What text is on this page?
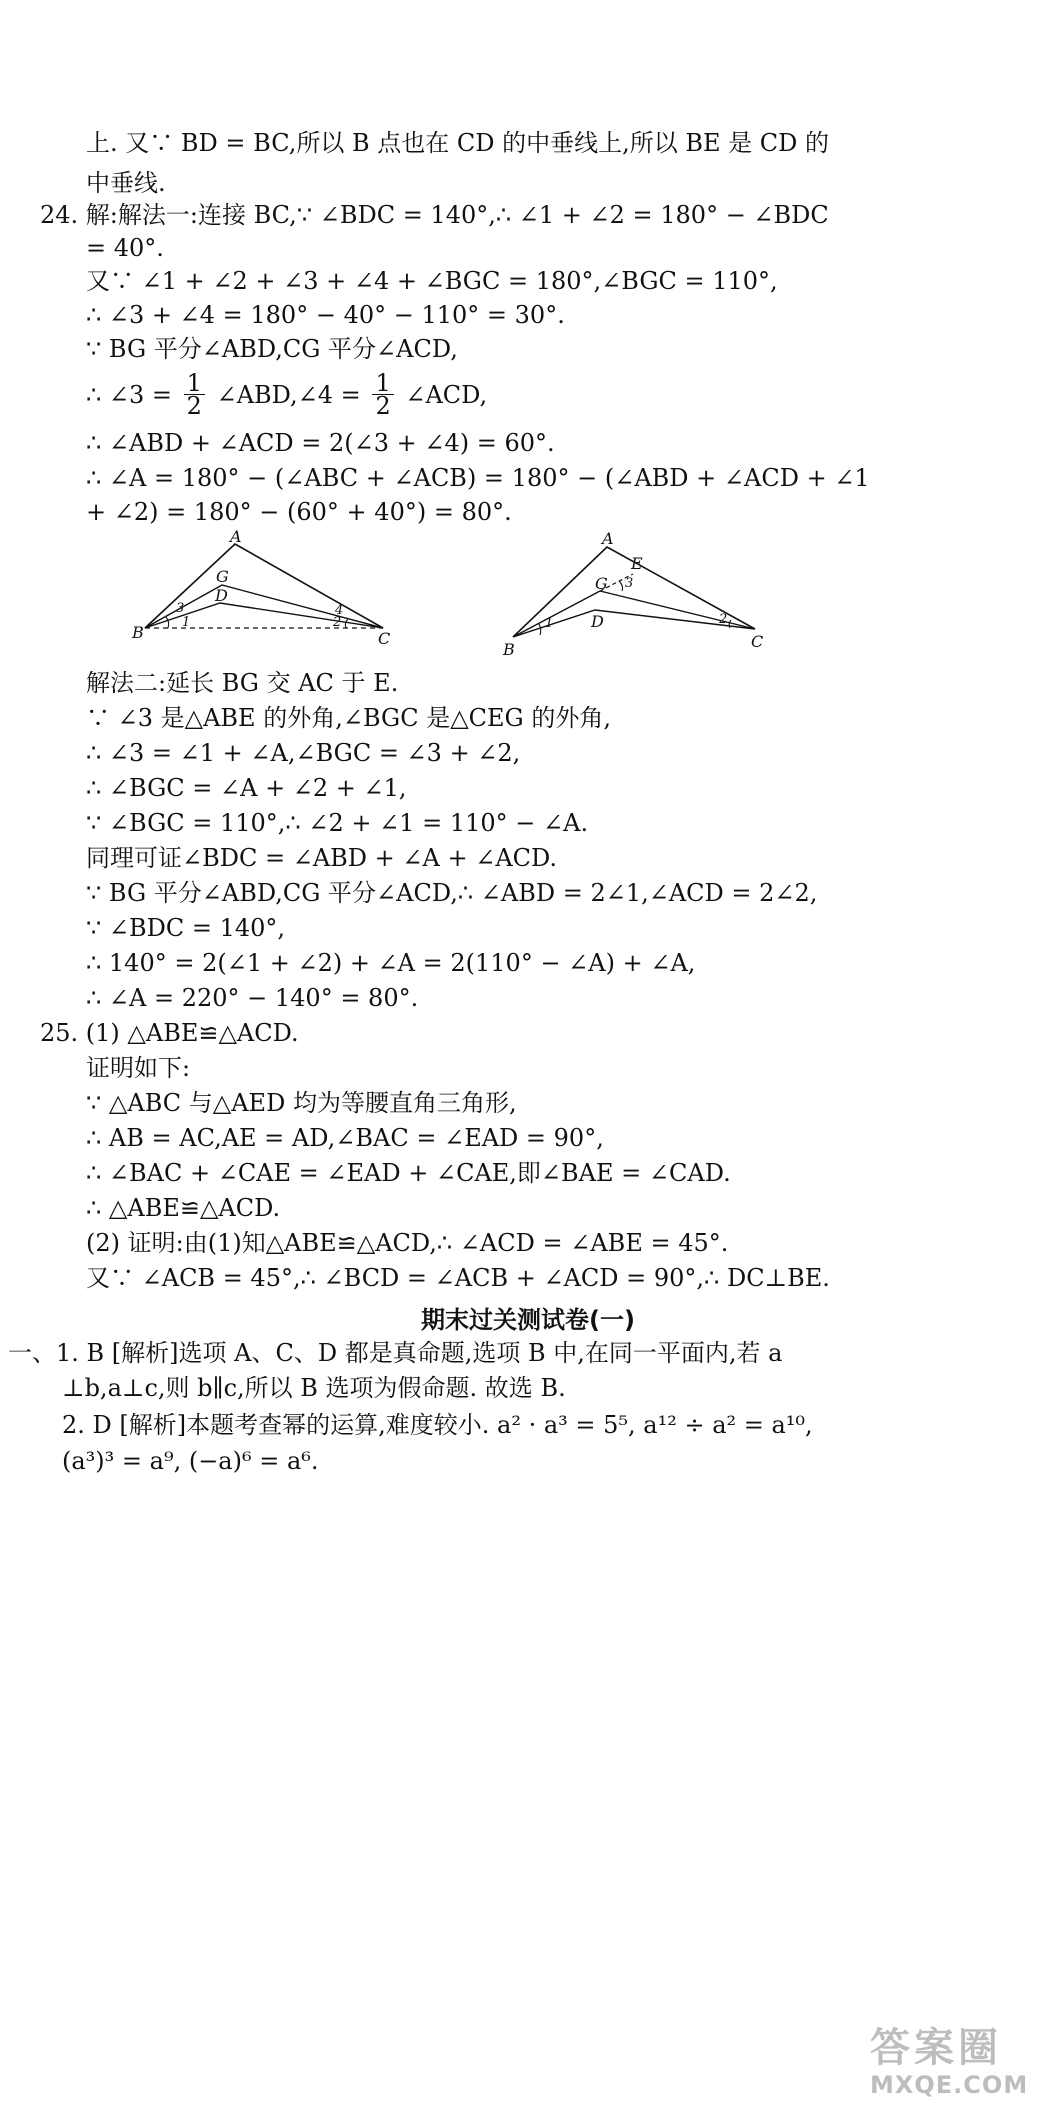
上. 又∵ BD = BC,所以 B 点也在 CD 的中垂线上,所以 BE 是 CD 的
中垂线.
24. 解:解法一:连接 BC,∵ ∠BDC = 140°,∴ ∠1 + ∠2 = 180° − ∠BDC
= 40°.
又∵ ∠1 + ∠2 + ∠3 + ∠4 + ∠BGC = 180°,∠BGC = 110°,
∴ ∠3 + ∠4 = 180° − 40° − 110° = 30°.
∵ BG 平分∠ABD,CG 平分∠ACD,
∴ ∠3 = $\frac{1}{2}$ ∠ABD,∠4 = $\frac{1}{2}$ ∠ACD,
∴ ∠ABD + ∠ACD = 2(∠3 + ∠4) = 60°.
∴ ∠A = 180° − (∠ABC + ∠ACB) = 180° − (∠ABD + ∠ACD + ∠1
+ ∠2) = 180° − (60° + 40°) = 80°.
A
G
D
B	C
1
3	4
2
A
E
G
D
B	C
1	2
3
解法二:延长 BG 交 AC 于 E.
∵ ∠3 是△ABE 的外角,∠BGC 是△CEG 的外角,
∴ ∠3 = ∠1 + ∠A,∠BGC = ∠3 + ∠2,
∴ ∠BGC = ∠A + ∠2 + ∠1,
∵ ∠BGC = 110°,∴ ∠2 + ∠1 = 110° − ∠A.
同理可证∠BDC = ∠ABD + ∠A + ∠ACD.
∵ BG 平分∠ABD,CG 平分∠ACD,∴ ∠ABD = 2∠1,∠ACD = 2∠2,
∵ ∠BDC = 140°,
∴ 140° = 2(∠1 + ∠2) + ∠A = 2(110° − ∠A) + ∠A,
∴ ∠A = 220° − 140° = 80°.
25. (1) △ABE≌△ACD.
证明如下:
∵ △ABC 与△AED 均为等腰直角三角形,
∴ AB = AC,AE = AD,∠BAC = ∠EAD = 90°,
∴ ∠BAC + ∠CAE = ∠EAD + ∠CAE,即∠BAE = ∠CAD.
∴ △ABE≌△ACD.
(2) 证明:由(1)知△ABE≌△ACD,∴ ∠ACD = ∠ABE = 45°.
又∵ ∠ACB = 45°,∴ ∠BCD = ∠ACB + ∠ACD = 90°,∴ DC⊥BE.
期末过关测试卷(一)
一、1. B [解析]选项 A、C、D 都是真命题,选项 B 中,在同一平面内,若 a
⊥b,a⊥c,则 b∥c,所以 B 选项为假命题. 故选 B.
2. D [解析]本题考查幂的运算,难度较小. a² · a³ = 5⁵, a¹² ÷ a² = a¹⁰,
(a³)³ = a⁹, (−a)⁶ = a⁶.
答案圈
MXQE.COM
